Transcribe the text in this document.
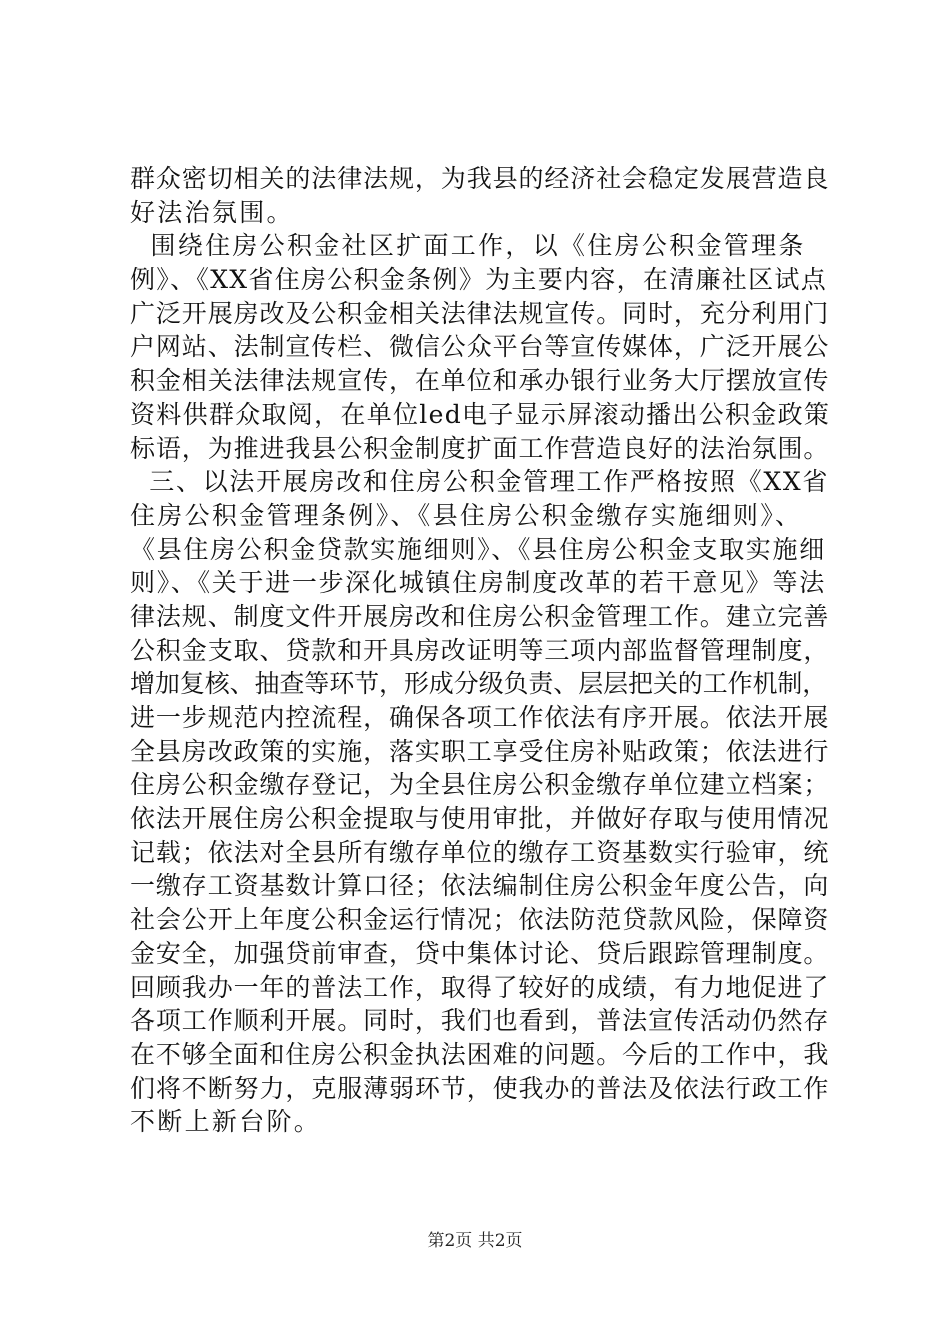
群众密切相关的法律法规，为我县的经济社会稳定发展营造良
好法治氛围。
围绕住房公积金社区扩面工作，以《住房公积金管理条
例》、《XX省住房公积金条例》为主要内容，在清廉社区试点
广泛开展房改及公积金相关法律法规宣传。同时，充分利用门
户网站、法制宣传栏、微信公众平台等宣传媒体，广泛开展公
积金相关法律法规宣传，在单位和承办银行业务大厅摆放宣传
资料供群众取阅，在单位led电子显示屏滚动播出公积金政策
标语，为推进我县公积金制度扩面工作营造良好的法治氛围。
三、以法开展房改和住房公积金管理工作严格按照《XX省
住房公积金管理条例》、《县住房公积金缴存实施细则》、
《县住房公积金贷款实施细则》、《县住房公积金支取实施细
则》、《关于进一步深化城镇住房制度改革的若干意见》等法
律法规、制度文件开展房改和住房公积金管理工作。建立完善
公积金支取、贷款和开具房改证明等三项内部监督管理制度，
增加复核、抽查等环节，形成分级负责、层层把关的工作机制，
进一步规范内控流程，确保各项工作依法有序开展。依法开展
全县房改政策的实施，落实职工享受住房补贴政策；依法进行
住房公积金缴存登记，为全县住房公积金缴存单位建立档案；
依法开展住房公积金提取与使用审批，并做好存取与使用情况
记载；依法对全县所有缴存单位的缴存工资基数实行验审，统
一缴存工资基数计算口径；依法编制住房公积金年度公告，向
社会公开上年度公积金运行情况；依法防范贷款风险，保障资
金安全，加强贷前审查，贷中集体讨论、贷后跟踪管理制度。
回顾我办一年的普法工作，取得了较好的成绩，有力地促进了
各项工作顺利开展。同时，我们也看到，普法宣传活动仍然存
在不够全面和住房公积金执法困难的问题。今后的工作中，我
们将不断努力，克服薄弱环节，使我办的普法及依法行政工作
不断上新台阶。
第2页 共2页
